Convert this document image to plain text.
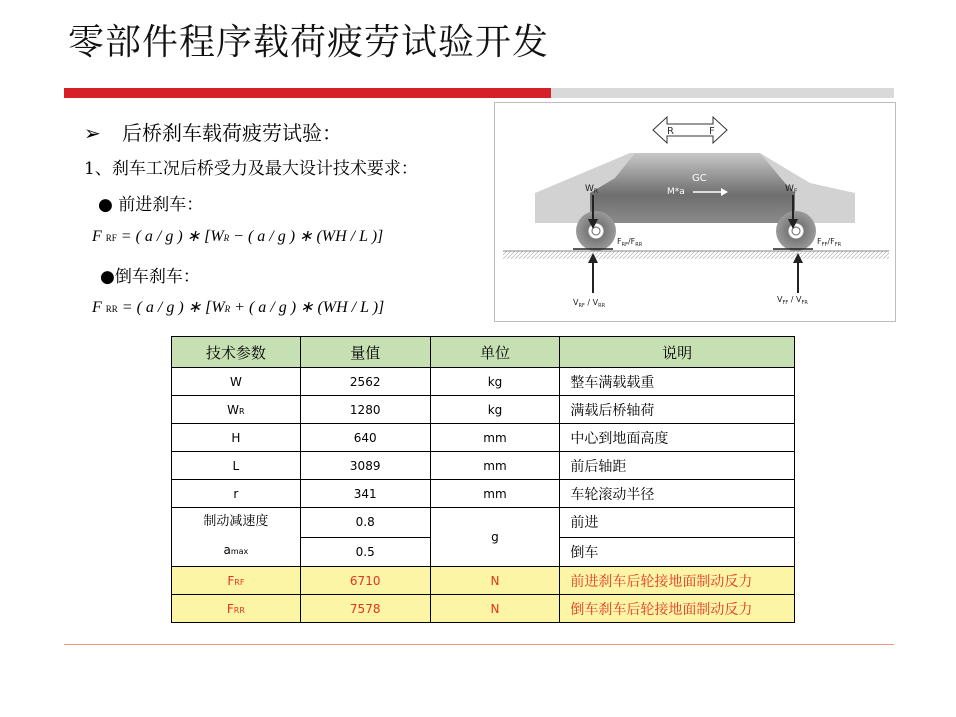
零部件程序载荷疲劳试验开发
➢ 后桥刹车载荷疲劳试验：
1、刹车工况后桥受力及最大设计技术要求：
● 前进刹车：
F RF = ( a / g ) ∗ [WR − ( a / g ) ∗ (WH / L )]
●倒车刹车：
F RR = ( a / g ) ∗ [WR + ( a / g ) ∗ (WH / L )]
R	F
GC
M*a
$W_R$	$W_F$
$F_{RF}/F_{RR}$	$F_{FF}/F_{FR}$
$V_{RF} / V_{RR}$
$V_{FF} / V_{FR}$
技术参数	量值	单位	说明
W	2562	kg	整车满载载重
WR	1280	kg	满载后桥轴荷
H	640	mm	中心到地面高度
L	3089	mm	前后轴距
r	341	mm	车轮滚动半径

制动减速度
amax	0.8	g	前进
	0.5		倒车
FRF	6710	N	前进刹车后轮接地面制动反力
FRR	7578	N	倒车刹车后轮接地面制动反力
